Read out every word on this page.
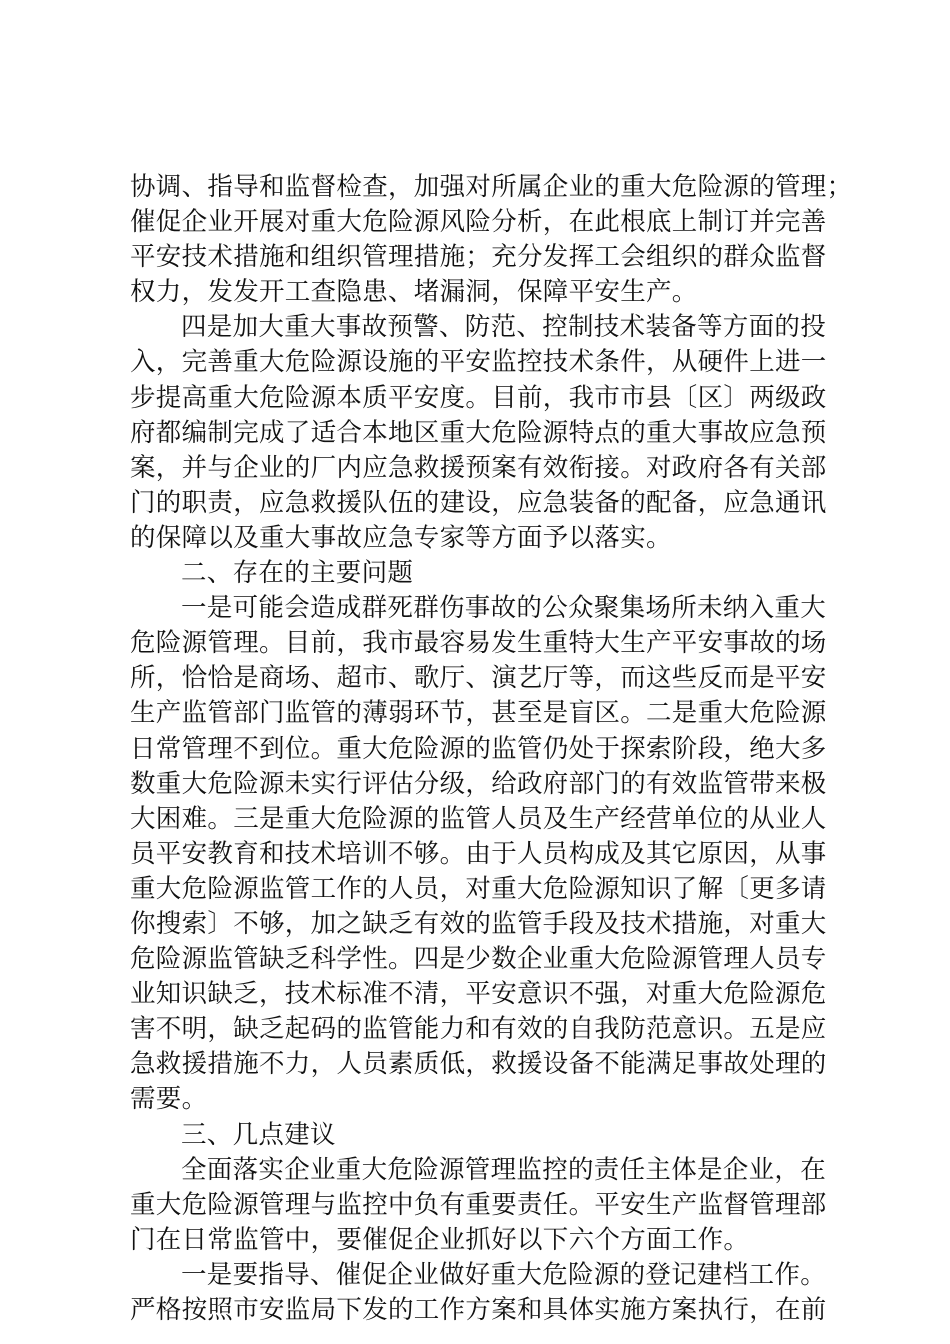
协调、指导和监督检查，加强对所属企业的重大危险源的管理；
催促企业开展对重大危险源风险分析，在此根底上制订并完善
平安技术措施和组织管理措施；充分发挥工会组织的群众监督
权力，发发开工查隐患、堵漏洞，保障平安生产。
四是加大重大事故预警、防范、控制技术装备等方面的投
入，完善重大危险源设施的平安监控技术条件，从硬件上进一
步提高重大危险源本质平安度。目前，我市市县〔区〕两级政
府都编制完成了适合本地区重大危险源特点的重大事故应急预
案，并与企业的厂内应急救援预案有效衔接。对政府各有关部
门的职责，应急救援队伍的建设，应急装备的配备，应急通讯
的保障以及重大事故应急专家等方面予以落实。
二、存在的主要问题
一是可能会造成群死群伤事故的公众聚集场所未纳入重大
危险源管理。目前，我市最容易发生重特大生产平安事故的场
所，恰恰是商场、超市、歌厅、演艺厅等，而这些反而是平安
生产监管部门监管的薄弱环节，甚至是盲区。二是重大危险源
日常管理不到位。重大危险源的监管仍处于探索阶段，绝大多
数重大危险源未实行评估分级，给政府部门的有效监管带来极
大困难。三是重大危险源的监管人员及生产经营单位的从业人
员平安教育和技术培训不够。由于人员构成及其它原因，从事
重大危险源监管工作的人员，对重大危险源知识了解〔更多请
你搜索〕不够，加之缺乏有效的监管手段及技术措施，对重大
危险源监管缺乏科学性。四是少数企业重大危险源管理人员专
业知识缺乏，技术标准不清，平安意识不强，对重大危险源危
害不明，缺乏起码的监管能力和有效的自我防范意识。五是应
急救援措施不力，人员素质低，救援设备不能满足事故处理的
需要。
三、几点建议
全面落实企业重大危险源管理监控的责任主体是企业，在
重大危险源管理与监控中负有重要责任。平安生产监督管理部
门在日常监管中，要催促企业抓好以下六个方面工作。
一是要指导、催促企业做好重大危险源的登记建档工作。
严格按照市安监局下发的工作方案和具体实施方案执行，在前
